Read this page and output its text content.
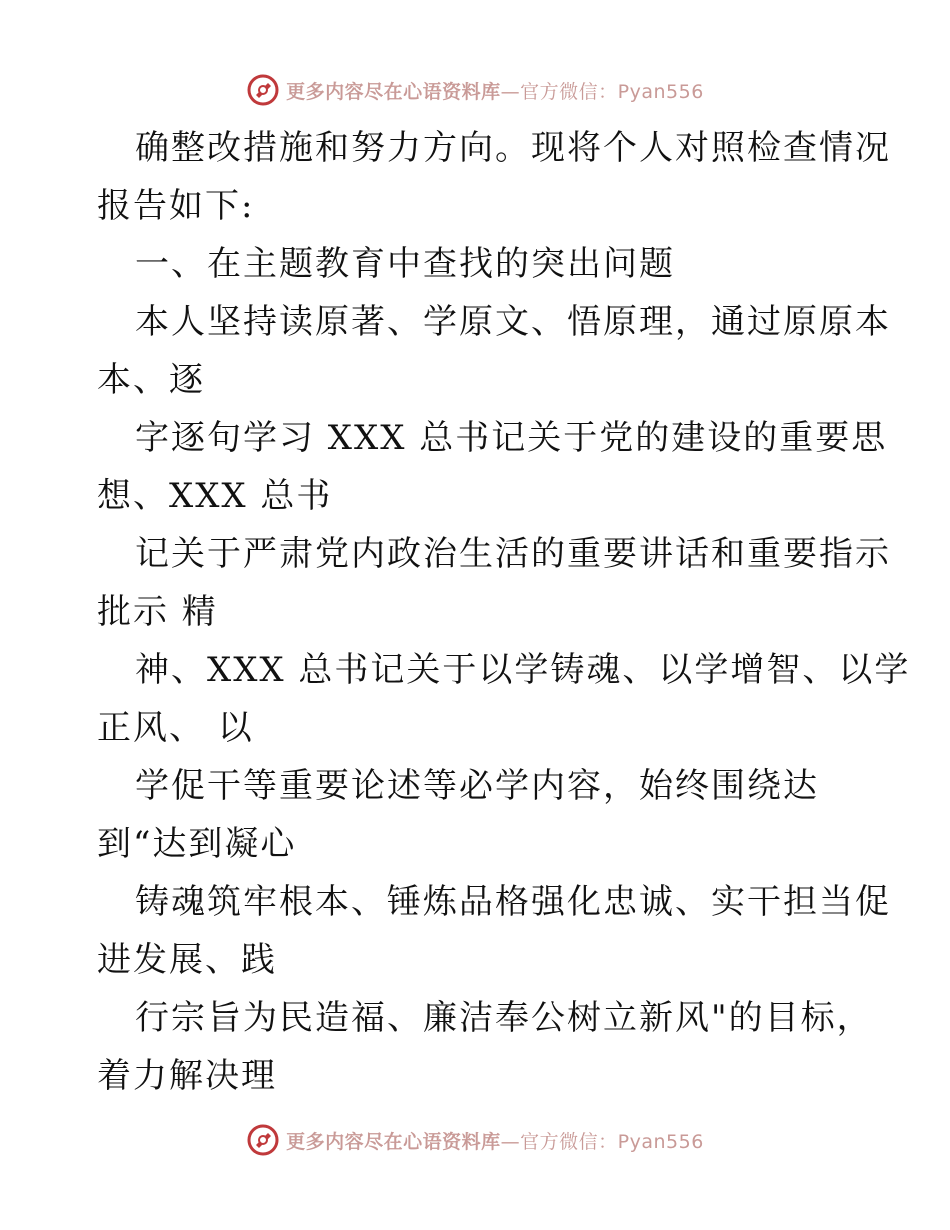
更多内容尽在心语资料库—官方微信：Pyan556
确整改措施和努力方向。现将个人对照检查情况
报告如下:
一、在主题教育中查找的突出问题
本人坚持读原著、学原文、悟原理，通过原原本
本、逐
字逐句学习 XXX 总书记关于党的建设的重要思
想、XXX 总书
记关于严肃党内政治生活的重要讲话和重要指示
批示 精
神、XXX 总书记关于以学铸魂、以学增智、以学
正风、 以
学促干等重要论述等必学内容，始终围绕达
到“达到凝心
铸魂筑牢根本、锤炼品格强化忠诚、实干担当促
进发展、践
行宗旨为民造福、廉洁奉公树立新风"的目标，
着力解决理
更多内容尽在心语资料库—官方微信：Pyan556
